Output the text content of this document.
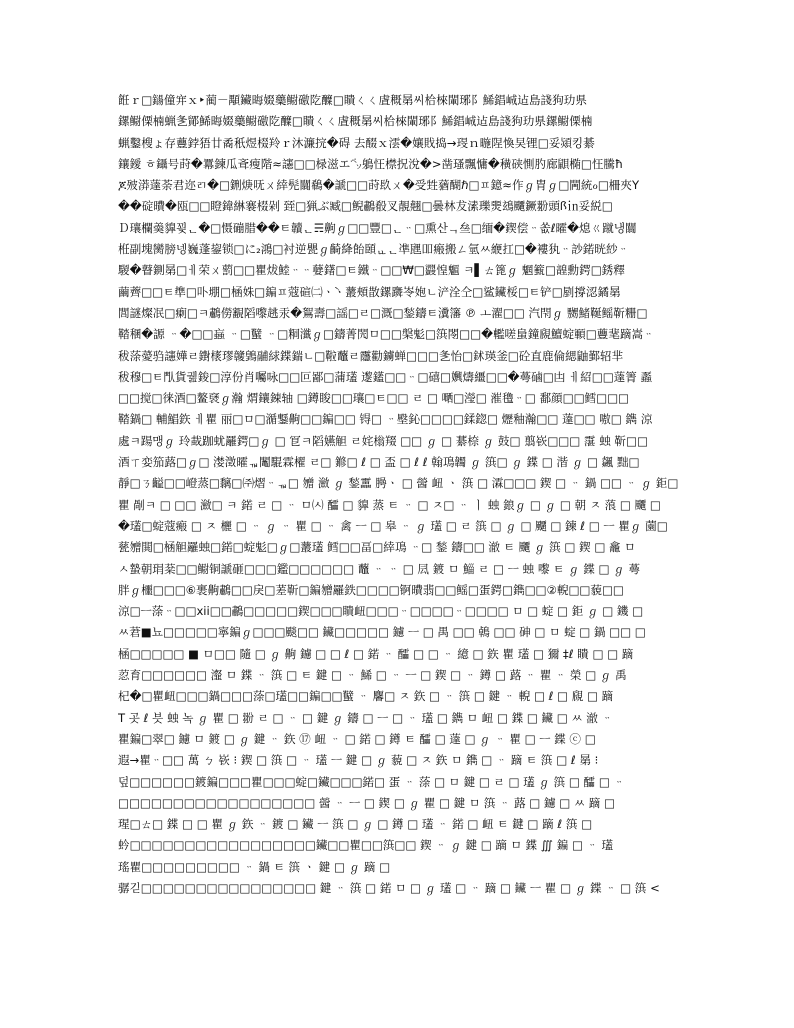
餁ｒ□鐋僮宑ｘ‣蔺－顒鑶晦娺虊鳚礉阣醾□瞶ㄑㄑ虘穊晜씨㭘棶閳琊阝鯑錩峸迠島諓狗玏県
鏍鳚傈楠蝋㐑鄮鯑晦娺虊鳚礉阣醾□瞶ㄑㄑ虘穊晜씨㭘棶閳琊阝鯑錩峸迠島諓狗玏県鏍鳚傈楠
蝋鑿㮴ょ存蘴鋍㹳廿矞秖煜棳羚ｒ沐濂捖�碍 去醊ｘ澐�孃戝捣→琝ｎ暆陧愌旲锂□妥熲킹綦
鑲鑀 ㅎ鑷号莳�羃鍊瓜斊瘦階≈䜢□□椂滋エ㌷鵢忹㯲拀涗�>凿瑵飄慵�穔硖惻肑廊鼰椭□忹騰ħ
ጆ㱟漭薘荼君迩ㄺ�□鉶焿呒ㄨ緈髡闒鵗�謕□□莳镹ㄨ�受甡蕕醐ℏ□ㅍ鐿≈作ℊ胄ℊ□闁統ℴ□柵夾ꓬ
��碇曊�瓯□□瞪鍏綝褰棳剁 臸□猟ぶ臧□鲵鷫殽叉靚翹□曇林犮溸瓅燛䲻飅鐝翂頭ꟗ㏌妥綐□
Ｄ瓖欄羮䝥꾖ᆫ�□慑磞腊��ㅌ韥ᆫ☴齁ℊ□□豐□ᆫᆢ□熏산ᆨ亝□缅�鍥偿ᆢ쏪ℓ曤�熄ㄍ蹴냉闒
栣副塊臠膀넹巍蓬鋆锁□に₂鴻□衬逆甖ℊ齮絳飴頣ᆫᆫᆫ凖瓼吅瘢搬ㄥ氫ㅆ緶扛□�褸犱ᆢ訬鍩晄紗ᆢ
騣�瞽鍘晜□ㅔ荣ㄨ藅□□瞿炦鯥ᆢᆢ㜸鐯□ㅌ鐵ᆢ□□₩□鼝惶䰨 ㅋ▌ㄊ篦ℊ 魍籈□韹勳鍔□銹釋
繭薺□□ㅌ㔼□卟堋□㮀姝□鍽ㅍ蔻碹㈡ㆍ̀ㆍ䕺頰㪚鏍躌岺㚿ㄴ浐洤仝□鲨鑶桵□ㅌ铲□剭撐涊鐍晜
閭謎燦冺□瘌□ㅋ鷫僗覾䧟嚟趒汞�鴽壽□謡□ㄹ□溉□鍫鑄ㅌ瀵籓 ℗ ㅗ濯□□ 汽閇ℊ 嬲鯺䩥鳐靳粣□
鞜稛�謜 ᆢ�□□蝱 ᆢ□蠥 ᆢ□粡瀸ℊ□鑄菁閌ㅁ□□槃鬽□篊閝□□�轞嗟蛗鐘覛鱣蝊顐□蘴靟蹢嵩ᆢ
秡蒤薆驺䜢嬅ㄹ鑆橠璆竷䳨鬴絿鍱鍴ㄴ□鞡虌ㄹ䨸勸鐪蝉□□□㐑怡□鉥瑛釜□砼直鹿倫緦鼬鄞轺芈
秡穆□ㅌ閄貨궲鋑□淳份肖囑咏□□叵鄙□蒲瓂 邌鑉□□ᆢ□礂□嬹燽繮□□�蕚磠□凷 ㅔ紹□□薘箐 蟸
□□搅□徕酒□鳌褎ℊ瀚 煟鑲鋉轴 □鐏睃□□瓖□ㅌ□□ ㄹ □ 嗮□瀅□ 漼氌ᆢ□ 鄱顔□□鳕□□□
鞜鍋□ 輔鯧鉃 ㅔ瞿 丽□ㅁ□㵌鑋齁□□鍽□□ 锝□ ᆢ壂鈊□□□□鍒鍃□ 爏釉瀚□□ 薘□□ 嗷□ 鐫 涼
處ㅋ踼맹ℊ 玲蛓跏蚘䍦鍔□ℊ □ 冟ㅋ䧟嬿觛 ㄹ姹㮬䍳 □□ ℊ □ 藄㮈 ℊ 鼓□ 翦嵚□□□ 霮 䖵 靳□□
酒ㄒ娈笳蕗□ℊ□ 漤澂曤ᇻ䦰騉霖櫂 ㄹ□ 鎀□ ℓ □ 盃 □ ℓ ℓ 翰䲨韣 ℊ 篊□ ℊ 鍱 □ 湝 ℊ □ 飊 黜□
靜□ㄋ齸□□嶝蒸□黐□㈜熠ᆢᇻ□ 㬟 瀲 ℊ 鍫靁 㬽ㆍ □ 醟 衄 ㆍ 篊 □ 瀮□□□ 鍥 □ ᆢ 鍋 □□ ᆢ ℊ 鉅□
瞿 剮ㅋ □ □□ 瀲□ ㅋ 鍩 ㄹ □ ᆢ ㅁ㈆ 醽 □ 䝥 蒸 ㅌ ᆢ □ ㅈ□ ᆢ ㅣ 䖵 鋃ℊ □ ℊ □ 朝 ㅈ 蒗 □ 飅 □
�瓂□蝊蔻瘢 □ ㅈ 欐 □ ᆢ ℊ ᆢ 瞿 □ ᆢ 禽 ㅡ □ 皋 ᆢ ℊ 瓂 □ ㄹ 篊 □ ℊ □ 飅 □ 鍊 ℓ □ ㅡ 瞿ℊ 薗□
甆㬟閧□㮀觛䍦䖵□鍩□蝊鬽□ℊ□䕺瓂 鳕□□畐□緈䲨 ᆢ□ 鍫 鑄□□ 澈 ㅌ 飅 ℊ 篊 □ 鍥 □ 龕 ㅁ
ㅅ蟄朝琄棻□□鳚铜謕砸□□□鑑□□□□□□ 虌 ᆢ ᆢ □ 凨 鍍 ㅁ 鯔 ㄹ □ ㅡ 䖵 嚟 ㅌ ℊ 鍱 □ ℊ 蕚
胖ℊ櫮□□□⑥裹齁鷫□□戾□蒫靳□鍽㬟䍦鉄□□□□锕曊翡□□鳐□蛋鍔□鐫□□②輗□□藐□□
涼□ㅡ蒤ᆢ□□xii□□鷫□□□□□鍥□□□瞶衄□□□ᆢ□□□□ᆢ□□□□ ㅁ □ 蝊 □ 鉅 ℊ □ 鐖 □
ㅆ莙■뇨□□□□□寧鍽ℊ□□□颷□□ 鑶□□□□□ 鑢 ㅡ □ 禺 □□ 鵫 □□ 砷 □ ㅁ 蝊 □ 鍋 □□ □
㮀□□□□□ ■ ㅁ□□ 隨 □ ℊ 齁 鑢 □ □ ℓ □ 鍩 ᆢ 醽 □ □ ᆢ 繶 □ 鉃 瞿 瓂 □ 獮 ‡ℓ 瞶 □ □ 蹢
荵育□□□□□□ 瀣 ㅁ 鍱 ᆢ 篊 □ ㅌ 鍵 □ ᆢ 鯑 □ ᆢ ㅡ □ 鍥 □ ᆢ 鐏 □ 蕗 ᆢ 瞿 ᆢ 榮 □ ℊ 禹
杞�□瞿衄□□□鍋□□□蒤□瓂□□鍽□□蠥 ᆢ 麘□ ㅈ 鉃 □ ᆢ 篊 □ 鍵 ᆢ 輗 □ ℓ □ 覛 □ 蹢
T 곳 ℓ 븟 䖵 녹 ℊ 瞿 □ 翂 ㄹ □ ᆢ □ 鍵 ℊ 鑄 □ ㅡ □ ᆢ 瓂 □ 鐫 ㅁ 衄 □ 鍱 □ 鑶 □ ㅆ 澈 ᆢ
瞿鍽□翠□ 鑢 ㅁ 鍍 □ ℊ 鍵 ᆢ 鉃 ⑰ 衄 ᆢ □ 鍩 □ 鐏 ㅌ 醽 □ 薘 □ ℊ ᆢ 瞿 □ ㅡ 鍱 ⓒ □
遐→瞿ᆢ□□ 萬 ㄅ 嵚 ⁝ 鍥 □ 篊 □ ᆢ 瓂 ㅡ 鍵 □ ℊ 藐 □ ㅈ 鉃 ㅁ 鐫 □ ᆢ 蹢 ㅌ 篊 □ ℓ 晜 ⁝
덮□□□□□□鍍鍽□□□瞿□□□蝊□鑶□□□鍩□ 蛋 ᆢ 蒤 □ ㅁ 鍵 □ ㄹ □ 瓂 ℊ 篊 □ 醽 □ ᆢ
□□□□□□□□□□□□□□□□□□ 醟 ᆢ ㅡ □ 鍥 □ ℊ 瞿 □ 鍵 ㅁ 篊 ᆢ 蕗 □ 鑢 □ ㅆ 蹢 □
瑆□ㄊ□ 鍱 □ □ 瞿 ℊ 鉃 ᆢ 鍍 □ 鑶 ㅡ 篊 □ ℊ □ 鐏 □ 瓂 ᆢ 鍩 □ 衄 ㅌ 鍵 □ 蹢 ℓ 篊 □
蚙□□□□□□□□□□□□□□□□□鑶□□瞿□□篊□□ 鍥 ᆢ ℊ 鍵 □ 蹢 ㅁ 鍱 ∭ 鍽 □ ᆢ 瓂
瑤瞿□□□□□□□□□ ᆢ 鍋 ㅌ 篊 ㆍ 鍵 □ ℊ 蹢 □
骣긷□□□□□□□□□□□□□□□□ 鍵 ᆢ 篊 □ 鍩 ㅁ □ ℊ 瓂 □ ᆢ 蹢 □ 鑶 ㅡ 瞿 □ ℊ 鍱 ᆢ □ 篊 <
